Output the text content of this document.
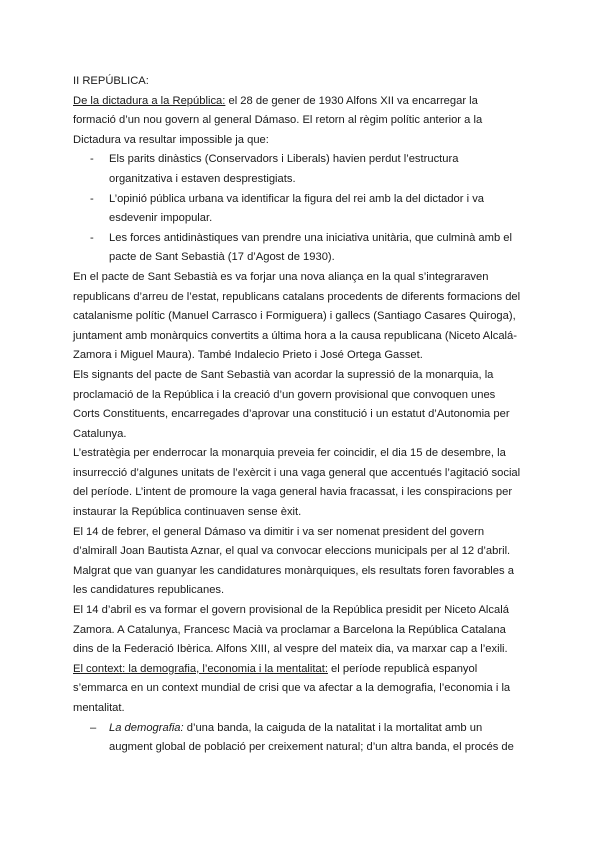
II REPÚBLICA:

De la dictadura a la República: el 28 de gener de 1930 Alfons XII va encarregar la formació d’un nou govern al general Dámaso. El retorn al règim polític anterior a la Dictadura va resultar impossible ja que:

- Els parits dinàstics (Conservadors i Liberals) havien perdut l’estructura organitzativa i estaven desprestigiats.
- L’opinió pública urbana va identificar la figura del rei amb la del dictador i va esdevenir impopular.
- Les forces antidinàstiques van prendre una iniciativa unitària, que culminà amb el pacte de Sant Sebastià (17 d’Agost de 1930).

En el pacte de Sant Sebastià es va forjar una nova aliança en la qual s’integraraven republicans d’arreu de l’estat, republicans catalans procedents de diferents formacions del catalanisme polític (Manuel Carrasco i Formiguera) i gallecs (Santiago Casares Quiroga), juntament amb monàrquics convertits a última hora a la causa republicana (Niceto Alcalá-Zamora i Miguel Maura). També Indalecio Prieto i José Ortega Gasset.

Els signants del pacte de Sant Sebastià van acordar la supressió de la monarquia, la proclamació de la República i la creació d’un govern provisional que convoquen unes Corts Constituents, encarregades d’aprovar una constitució i un estatut d’Autonomia per Catalunya.

L’estratègia per enderrocar la monarquia preveia fer coincidir, el dia 15 de desembre, la insurrecció d’algunes unitats de l’exèrcit i una vaga general que accentués l’agitació social del període. L’intent de promoure la vaga general havia fracassat, i les conspiracions per instaurar la República continuaven sense èxit.

El 14 de febrer, el general Dámaso va dimitir i va ser nomenat president del govern d’almirall Joan Bautista Aznar, el qual va convocar eleccions municipals per al 12 d’abril. Malgrat que van guanyar les candidatures monàrquiques, els resultats foren favorables a les candidatures republicanes.

El 14 d’abril es va formar el govern provisional de la República presidit per Niceto Alcalá Zamora. A Catalunya, Francesc Macià va proclamar a Barcelona la República Catalana dins de la Federació Ibèrica. Alfons XIII, al vespre del mateix dia, va marxar cap a l’exili.

El context: la demografia, l’economia i la mentalitat: el període republicà espanyol s’emmarca en un context mundial de crisi que va afectar a la demografia, l’economia i la mentalitat.

– La demografia: d’una banda, la caiguda de la natalitat i la mortalitat amb un augment global de població per creixement natural; d’un altra banda, el procés de
